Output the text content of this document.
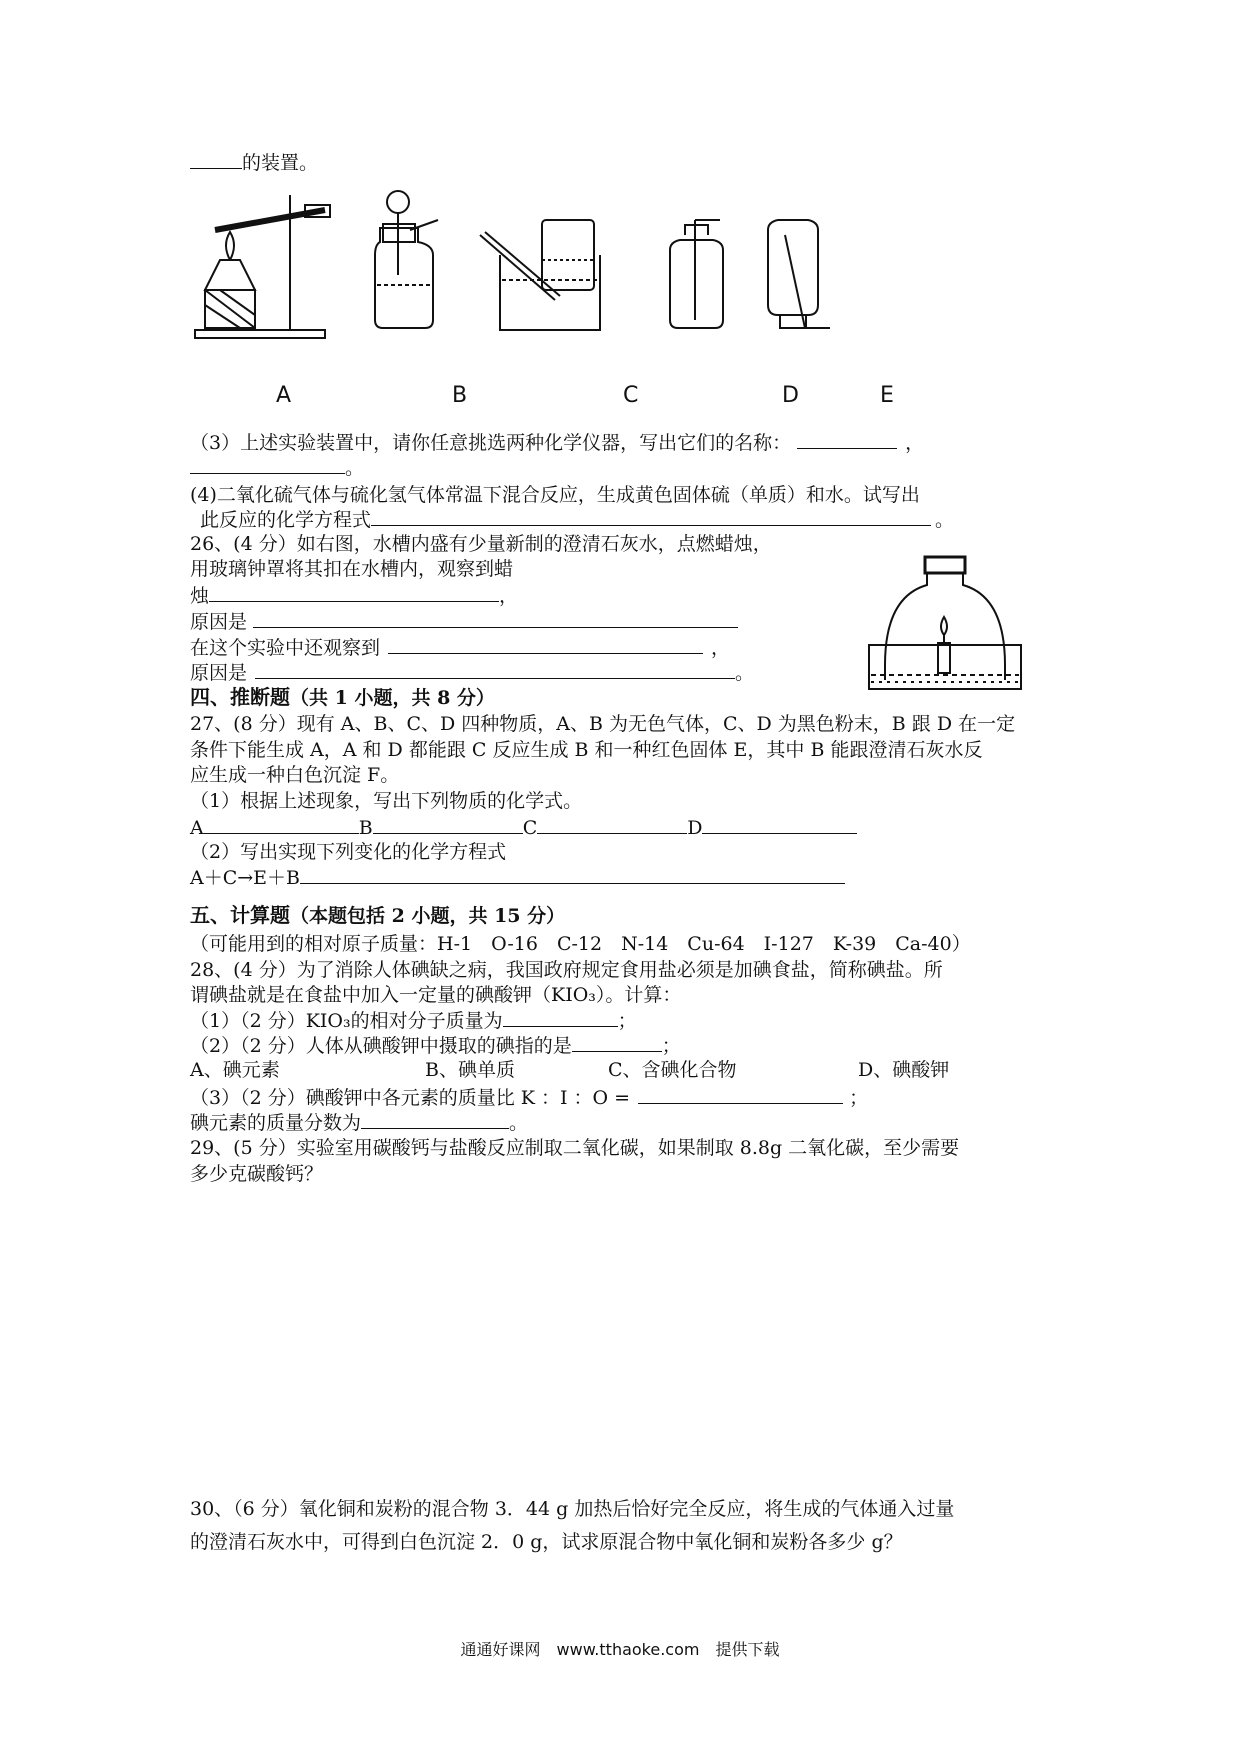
的装置。
A	B	C	D	E
（3）上述实验装置中，请你任意挑选两种化学仪器，写出它们的名称：	，
。
(4)二氧化硫气体与硫化氢气体常温下混合反应，生成黄色固体硫（单质）和水。试写出
此反应的化学方程式	。
26、(4 分）如右图，水槽内盛有少量新制的澄清石灰水，点燃蜡烛，
用玻璃钟罩将其扣在水槽内，观察到蜡
烛	，
原因是
在这个实验中还观察到	，
原因是	。
四、推断题（共 1 小题，共 8 分）
27、(8 分）现有 A、B、C、D 四种物质，A、B 为无色气体，C、D 为黑色粉末，B 跟 D 在一定
条件下能生成 A，A 和 D 都能跟 C 反应生成 B 和一种红色固体 E，其中 B 能跟澄清石灰水反
应生成一种白色沉淀 F。
（1）根据上述现象，写出下列物质的化学式。
A	B	C	D
（2）写出实现下列变化的化学方程式
A＋C→E＋B
五、计算题（本题包括 2 小题，共 15 分）
（可能用到的相对原子质量：H-1　O-16　C-12　N-14　Cu-64　I-127　K-39　Ca-40）
28、(4 分）为了消除人体碘缺之病，我国政府规定食用盐必须是加碘食盐，简称碘盐。所
谓碘盐就是在食盐中加入一定量的碘酸钾（KIO₃）。计算：
（1）（2 分）KIO₃的相对分子质量为	；
（2）（2 分）人体从碘酸钾中摄取的碘指的是	；
A、碘元素	B、碘单质	C、含碘化合物	D、碘酸钾
（3）（2 分）碘酸钾中各元素的质量比 K ：I ：O =	；
碘元素的质量分数为	。
29、(5 分）实验室用碳酸钙与盐酸反应制取二氧化碳，如果制取 8.8g 二氧化碳，至少需要
多少克碳酸钙？
30、（6 分）氧化铜和炭粉的混合物 3．44 g 加热后恰好完全反应，将生成的气体通入过量
的澄清石灰水中，可得到白色沉淀 2．0 g，试求原混合物中氧化铜和炭粉各多少 g？
通通好课网　www.tthaoke.com　提供下载
